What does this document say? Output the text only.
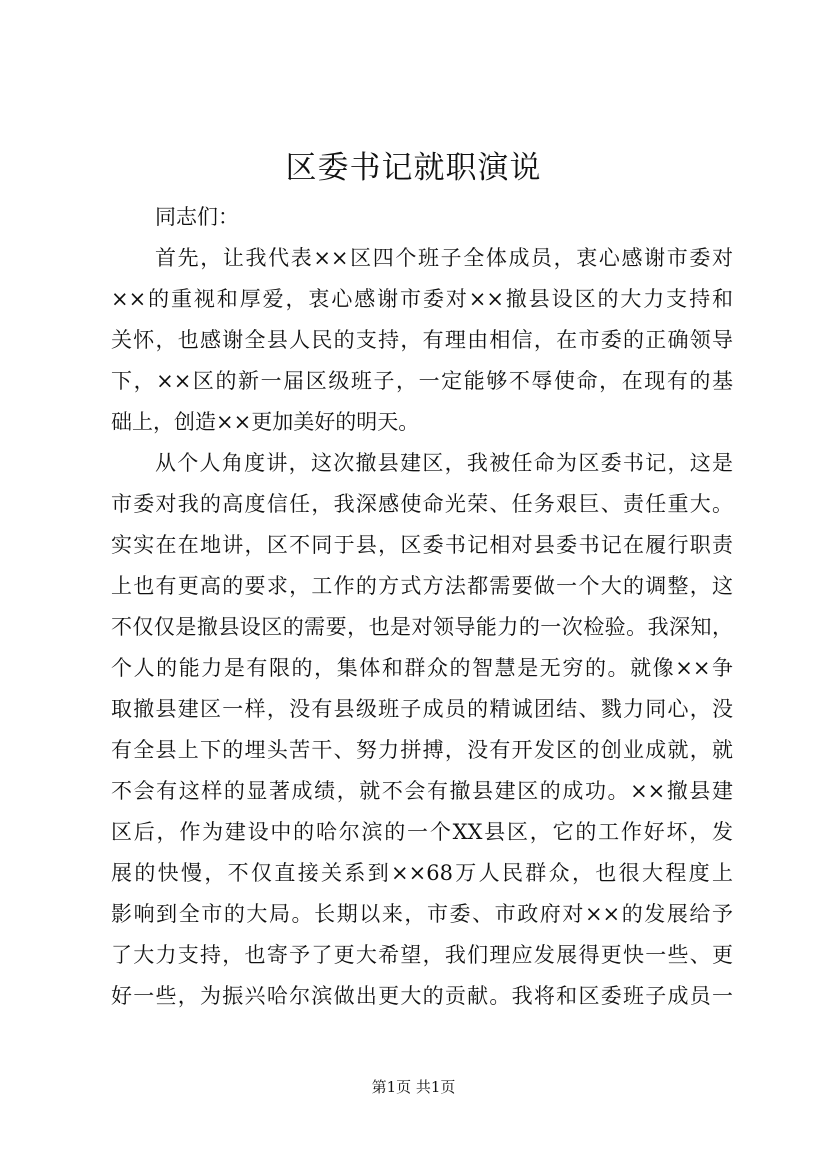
区委书记就职演说
同志们：
首先，让我代表××区四个班子全体成员，衷心感谢市委对
××的重视和厚爱，衷心感谢市委对××撤县设区的大力支持和
关怀，也感谢全县人民的支持，有理由相信，在市委的正确领导
下，××区的新一届区级班子，一定能够不辱使命，在现有的基
础上，创造××更加美好的明天。
从个人角度讲，这次撤县建区，我被任命为区委书记，这是
市委对我的高度信任，我深感使命光荣、任务艰巨、责任重大。
实实在在地讲，区不同于县，区委书记相对县委书记在履行职责
上也有更高的要求，工作的方式方法都需要做一个大的调整，这
不仅仅是撤县设区的需要，也是对领导能力的一次检验。我深知，
个人的能力是有限的，集体和群众的智慧是无穷的。就像××争
取撤县建区一样，没有县级班子成员的精诚团结、戮力同心，没
有全县上下的埋头苦干、努力拼搏，没有开发区的创业成就，就
不会有这样的显著成绩，就不会有撤县建区的成功。××撤县建
区后，作为建设中的哈尔滨的一个XX县区，它的工作好坏，发
展的快慢，不仅直接关系到××68万人民群众，也很大程度上
影响到全市的大局。长期以来，市委、市政府对××的发展给予
了大力支持，也寄予了更大希望，我们理应发展得更快一些、更
好一些，为振兴哈尔滨做出更大的贡献。我将和区委班子成员一
第1页 共1页
